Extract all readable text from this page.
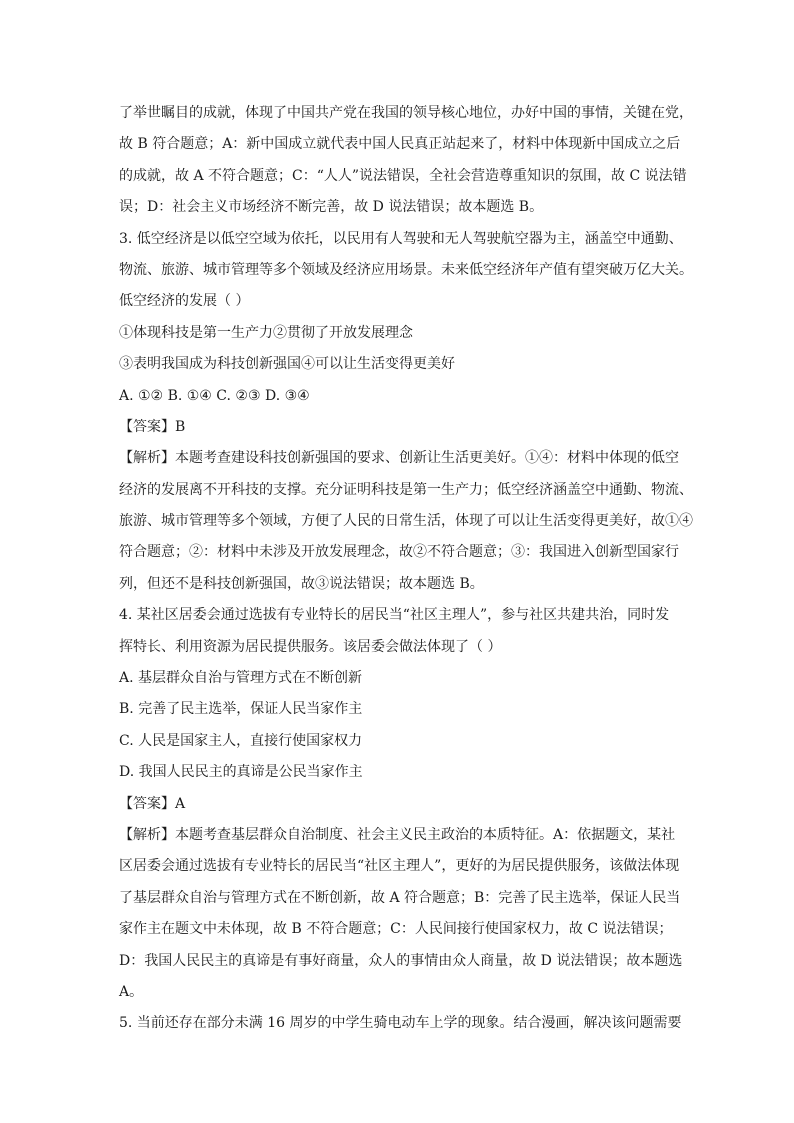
了举世瞩目的成就，体现了中国共产党在我国的领导核心地位，办好中国的事情，关键在党，
故 B 符合题意；A：新中国成立就代表中国人民真正站起来了，材料中体现新中国成立之后
的成就，故 A 不符合题意；C：“人人”说法错误，全社会营造尊重知识的氛围，故 C 说法错
误；D：社会主义市场经济不断完善，故 D 说法错误；故本题选 B。
3. 低空经济是以低空空域为依托，以民用有人驾驶和无人驾驶航空器为主，涵盖空中通勤、
物流、旅游、城市管理等多个领域及经济应用场景。未来低空经济年产值有望突破万亿大关。
低空经济的发展（ ）
①体现科技是第一生产力②贯彻了开放发展理念
③表明我国成为科技创新强国④可以让生活变得更美好
A. ①② B. ①④ C. ②③ D. ③④
【答案】B
【解析】本题考查建设科技创新强国的要求、创新让生活更美好。①④：材料中体现的低空
经济的发展离不开科技的支撑。充分证明科技是第一生产力；低空经济涵盖空中通勤、物流、
旅游、城市管理等多个领域，方便了人民的日常生活，体现了可以让生活变得更美好，故①④
符合题意；②：材料中未涉及开放发展理念，故②不符合题意；③：我国进入创新型国家行
列，但还不是科技创新强国，故③说法错误；故本题选 B。
4. 某社区居委会通过选拔有专业特长的居民当“社区主理人”，参与社区共建共治，同时发
挥特长、利用资源为居民提供服务。该居委会做法体现了（ ）
A. 基层群众自治与管理方式在不断创新
B. 完善了民主选举，保证人民当家作主
C. 人民是国家主人，直接行使国家权力
D. 我国人民民主的真谛是公民当家作主
【答案】A
【解析】本题考查基层群众自治制度、社会主义民主政治的本质特征。A：依据题文，某社
区居委会通过选拔有专业特长的居民当“社区主理人”，更好的为居民提供服务，该做法体现
了基层群众自治与管理方式在不断创新，故 A 符合题意；B：完善了民主选举，保证人民当
家作主在题文中未体现，故 B 不符合题意；C：人民间接行使国家权力，故 C 说法错误；
D：我国人民民主的真谛是有事好商量，众人的事情由众人商量，故 D 说法错误；故本题选
A。
5. 当前还存在部分未满 16 周岁的中学生骑电动车上学的现象。结合漫画，解决该问题需要
